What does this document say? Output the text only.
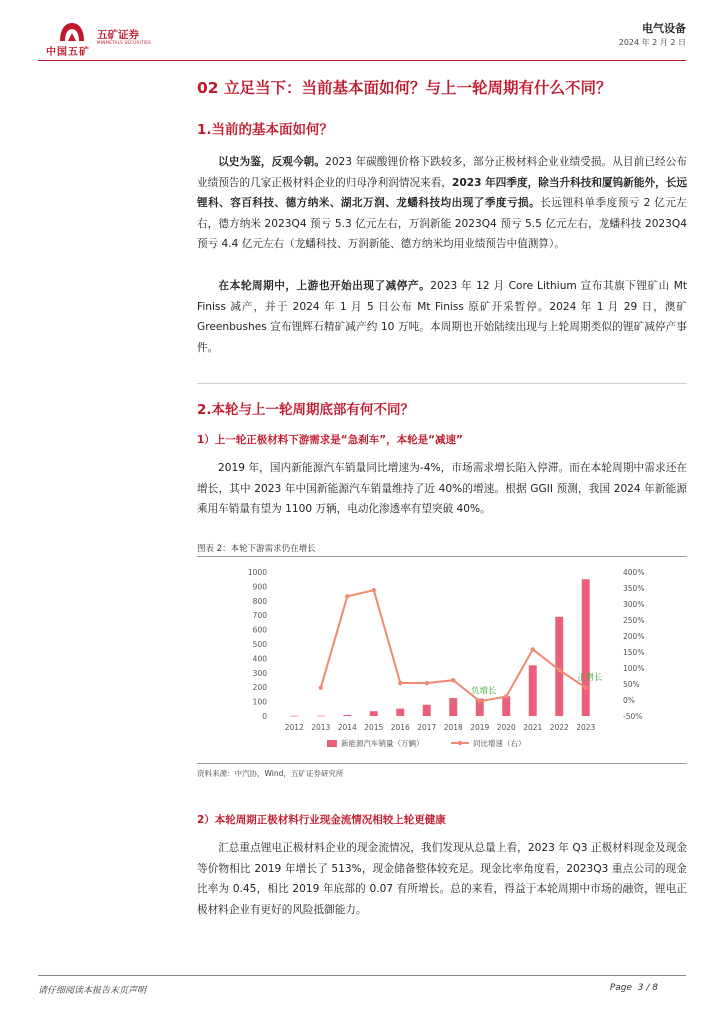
中国五矿
五矿证券
MINMETALS SECURITIES
电气设备
2024 年 2 月 2 日
02 立足当下：当前基本面如何？与上一轮周期有什么不同？
1.当前的基本面如何？
以史为鉴，反观今朝。2023 年碳酸锂价格下跌较多，部分正极材料企业业绩受损。从目前已经公布业绩预告的几家正极材料企业的归母净利润情况来看，2023 年四季度，除当升科技和厦钨新能外，长远锂科、容百科技、德方纳米、湖北万润、龙蟠科技均出现了季度亏损。长远锂科单季度预亏 2 亿元左右，德方纳米 2023Q4 预亏 5.3 亿元左右，万润新能 2023Q4 预亏 5.5 亿元左右，龙蟠科技 2023Q4 预亏 4.4 亿元左右（龙蟠科技、万润新能、德方纳米均用业绩预告中值测算）。
在本轮周期中，上游也开始出现了减停产。2023 年 12 月 Core Lithium 宣布其旗下锂矿山 Mt Finiss 减产，并于 2024 年 1 月 5 日公布 Mt Finiss 原矿开采暂停。2024 年 1 月 29 日，澳矿 Greenbushes 宣布锂辉石精矿减产约 10 万吨。本周期也开始陆续出现与上轮周期类似的锂矿减停产事件。
2.本轮与上一轮周期底部有何不同？
1）上一轮正极材料下游需求是“急刹车”，本轮是“减速”
2019 年，国内新能源汽车销量同比增速为-4%，市场需求增长陷入停滞。而在本轮周期中需求还在增长，其中 2023 年中国新能源汽车销量维持了近 40%的增速。根据 GGII 预测，我国 2024 年新能源乘用车销量有望为 1100 万辆，电动化渗透率有望突破 40%。
图表 2：本轮下游需求仍在增长
0
100
200
300
400
500
600
700
800
900
1000
-50%
0%
50%
100%
150%
200%
250%
300%
350%
400%
2012 2013 2014 2015 2016 2017 2018 2019 2020 2021 2022 2023
负增长
正增长
新能源汽车销量（万辆）	同比增速（右）
资料来源：中汽协，Wind，五矿证券研究所
2）本轮周期正极材料行业现金流情况相较上轮更健康
汇总重点锂电正极材料企业的现金流情况，我们发现从总量上看，2023 年 Q3 正极材料现金及现金等价物相比 2019 年增长了 513%，现金储备整体较充足。现金比率角度看，2023Q3 重点公司的现金比率为 0.45，相比 2019 年底部的 0.07 有所增长。总的来看，得益于本轮周期中市场的融资，锂电正极材料企业有更好的风险抵御能力。
请仔细阅读本报告末页声明	Page 3 / 8
